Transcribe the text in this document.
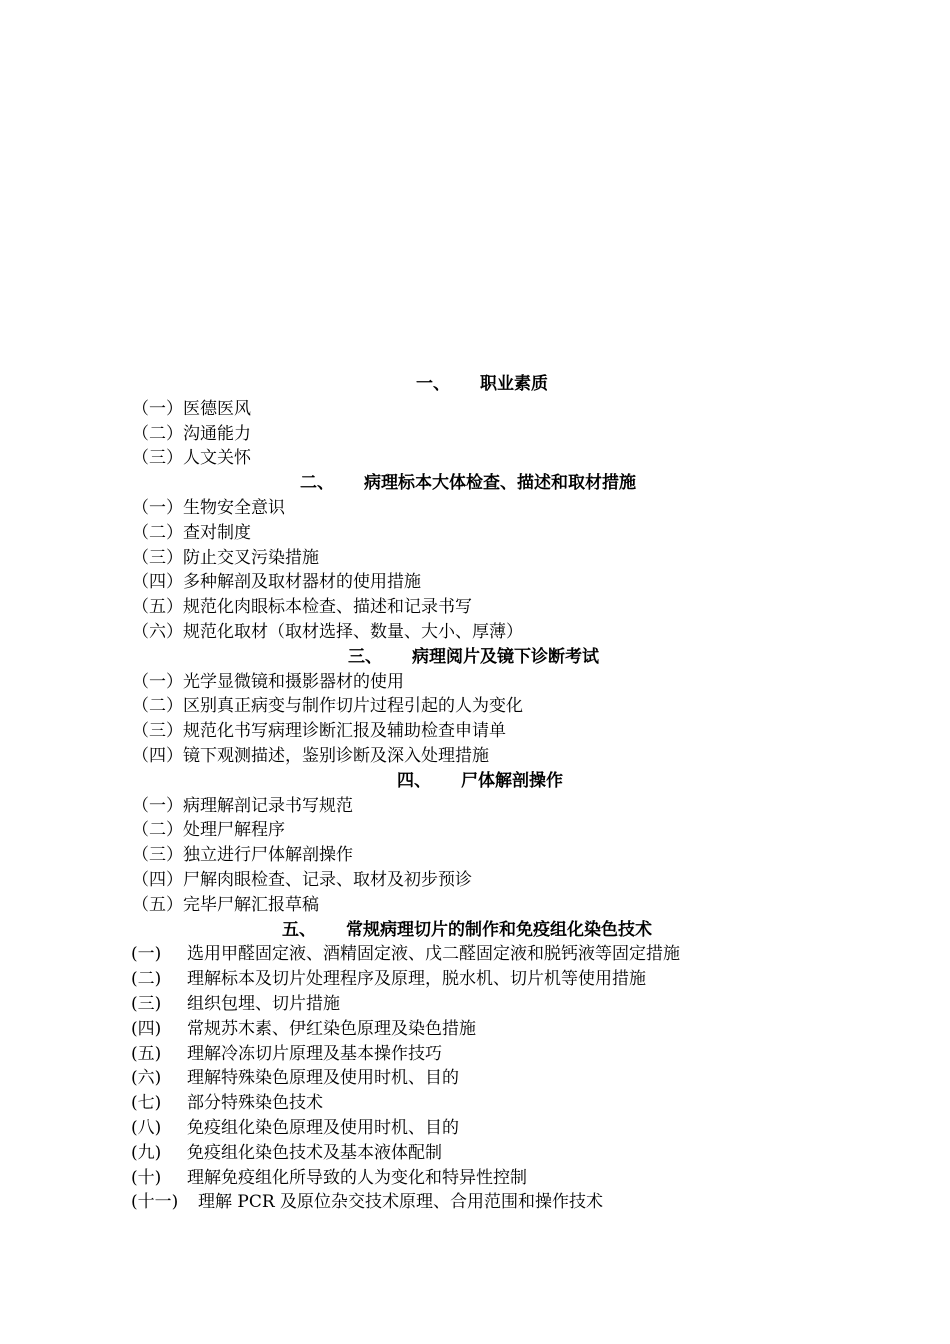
一、 职业素质
（一）医德医风
（二）沟通能力
（三）人文关怀
二、 病理标本大体检查、描述和取材措施
（一）生物安全意识
（二）查对制度
（三）防止交叉污染措施
（四）多种解剖及取材器材的使用措施
（五）规范化肉眼标本检查、描述和记录书写
（六）规范化取材（取材选择、数量、大小、厚薄）
三、 病理阅片及镜下诊断考试
（一）光学显微镜和摄影器材的使用
（二）区别真正病变与制作切片过程引起的人为变化
（三）规范化书写病理诊断汇报及辅助检查申请单
（四）镜下观测描述，鉴别诊断及深入处理措施
四、 尸体解剖操作
（一）病理解剖记录书写规范
（二）处理尸解程序
（三）独立进行尸体解剖操作
（四）尸解肉眼检查、记录、取材及初步预诊
（五）完毕尸解汇报草稿
五、 常规病理切片的制作和免疫组化染色技术
(一) 选用甲醛固定液、酒精固定液、戊二醛固定液和脱钙液等固定措施
(二) 理解标本及切片处理程序及原理，脱水机、切片机等使用措施
(三) 组织包埋、切片措施
(四) 常规苏木素、伊红染色原理及染色措施
(五) 理解冷冻切片原理及基本操作技巧
(六) 理解特殊染色原理及使用时机、目的
(七) 部分特殊染色技术
(八) 免疫组化染色原理及使用时机、目的
(九) 免疫组化染色技术及基本液体配制
(十) 理解免疫组化所导致的人为变化和特异性控制
(十一) 理解 PCR 及原位杂交技术原理、合用范围和操作技术
